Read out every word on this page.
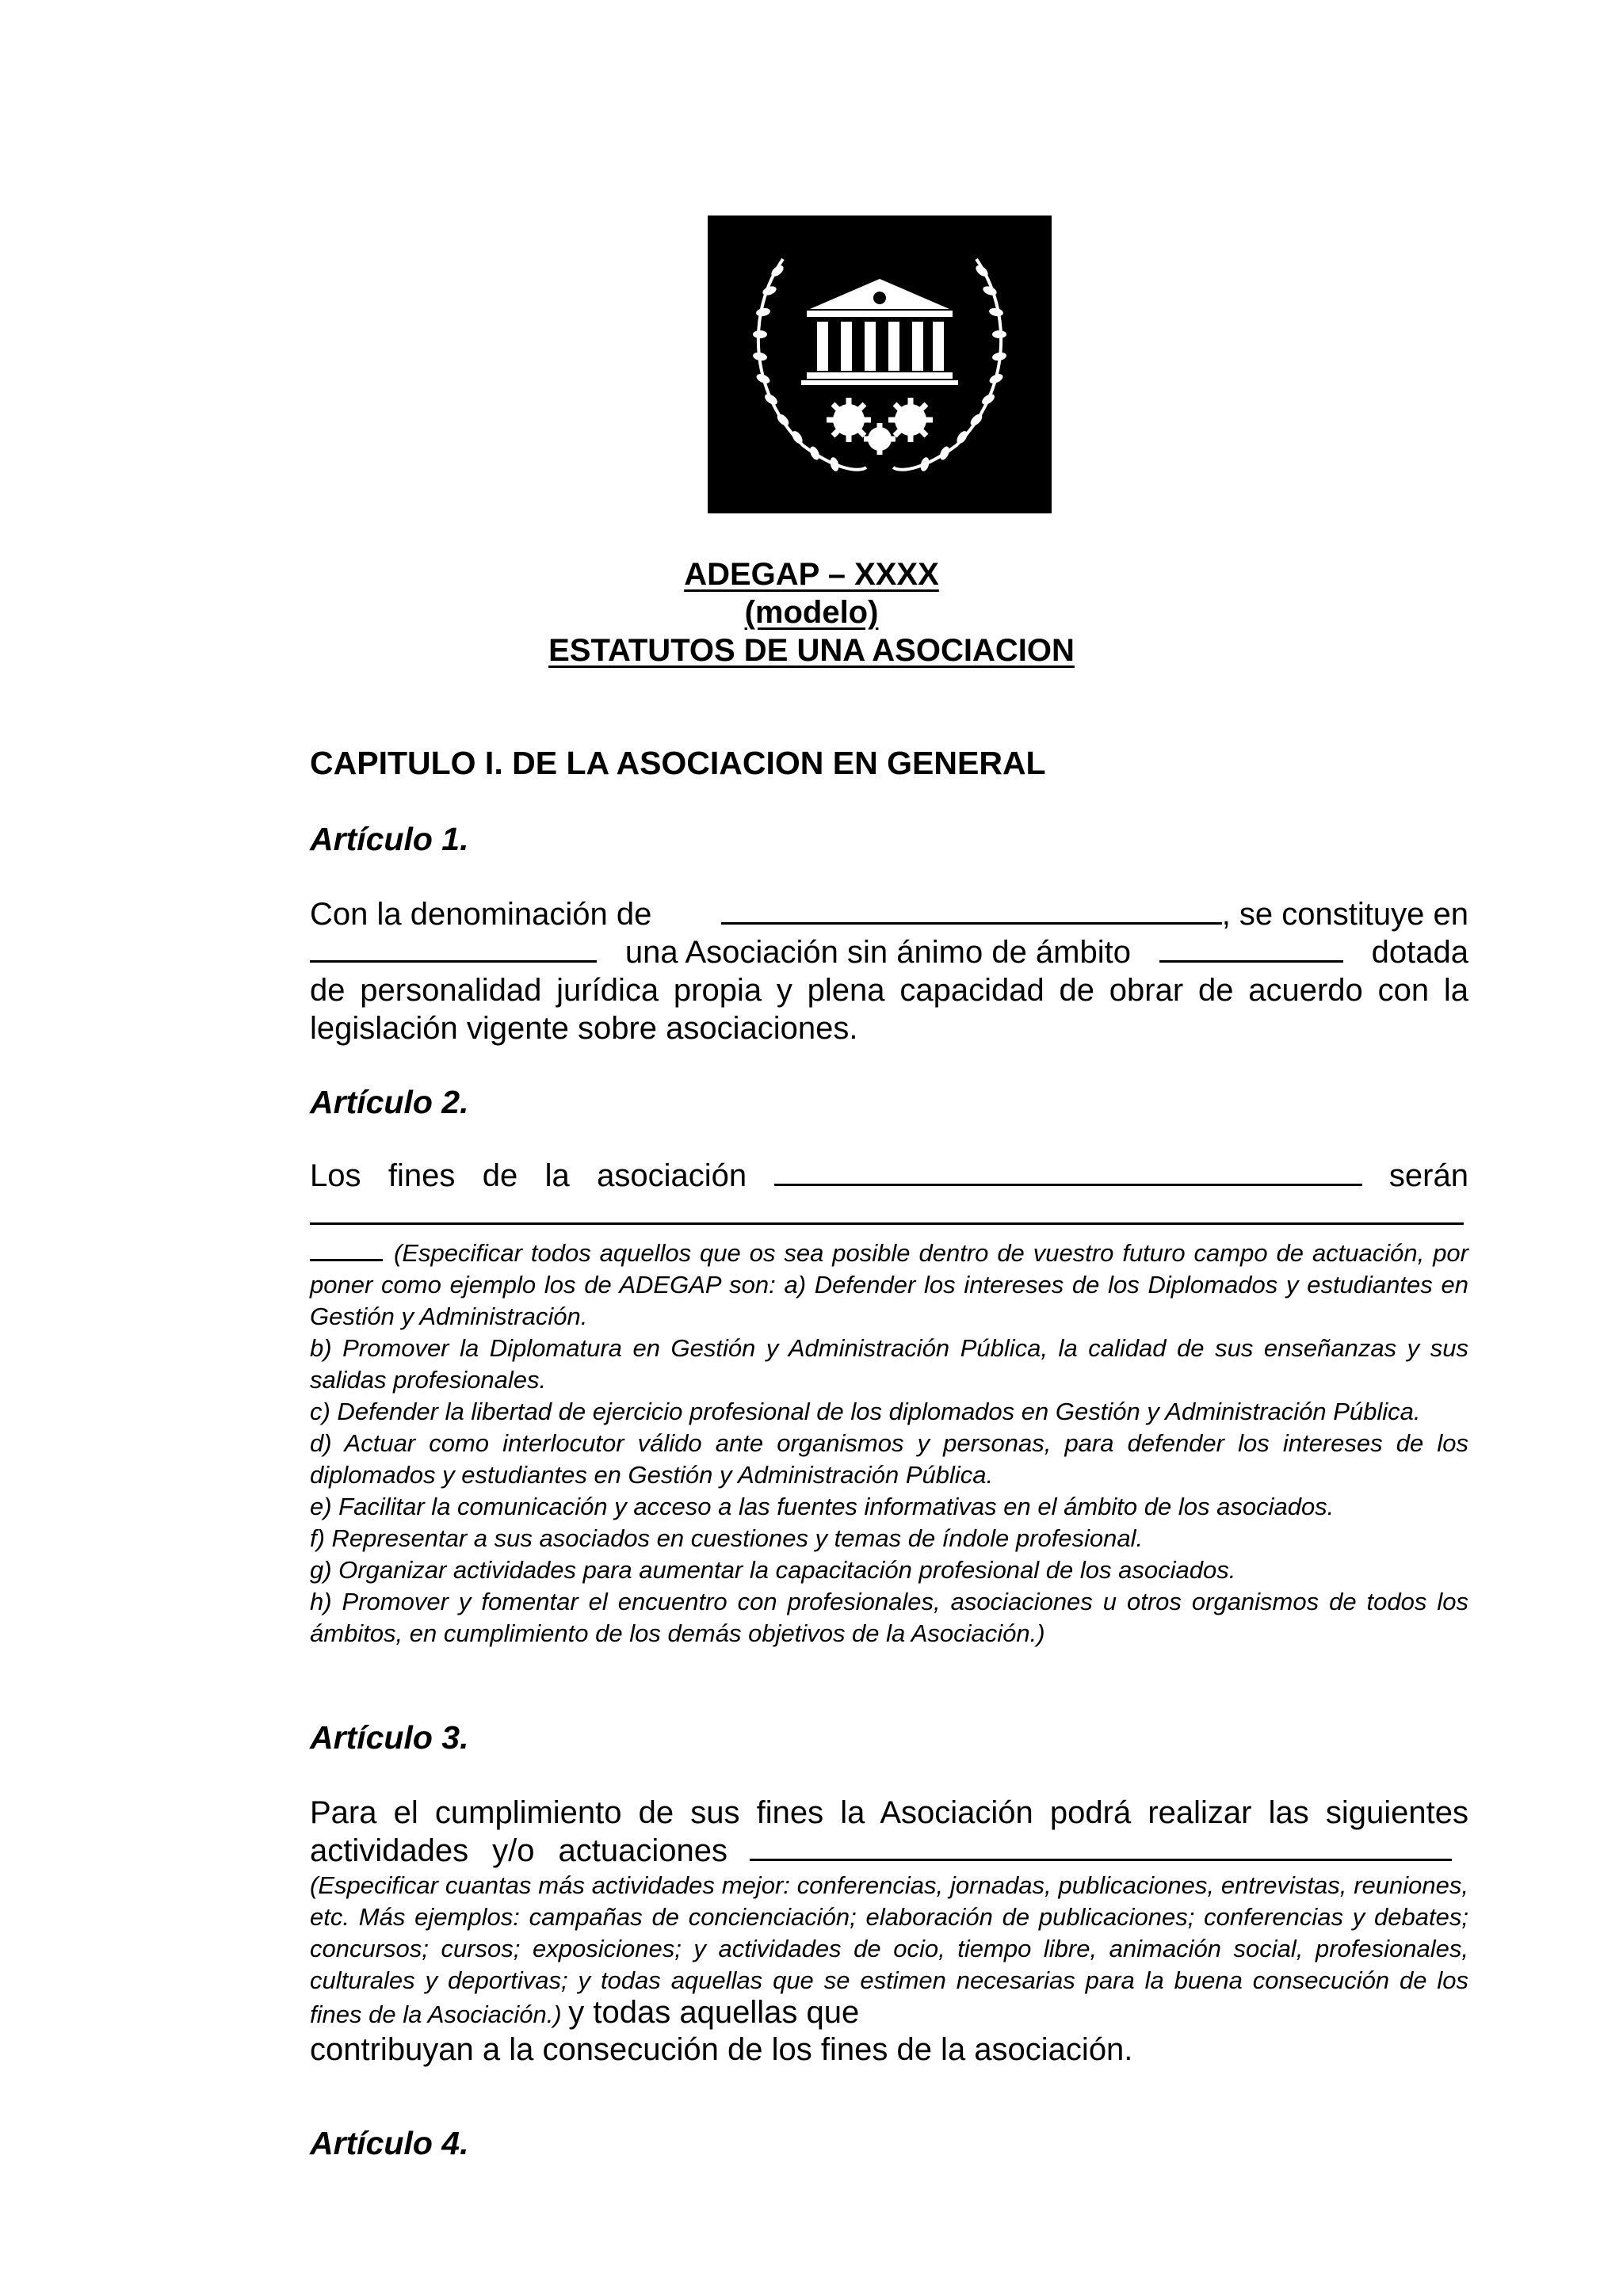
ADEGAP – XXXX
(modelo)
ESTATUTOS DE UNA ASOCIACION
CAPITULO I. DE LA ASOCIACION EN GENERAL
Artículo 1.
Con la denominación de	, se constituye en
una Asociación sin ánimo de ámbito	dotada
de personalidad jurídica propia y plena capacidad de obrar de acuerdo con la
legislación vigente sobre asociaciones.
Artículo 2.
Los fines de la asociación	serán
(Especificar todos aquellos que os sea posible dentro de vuestro futuro campo de actuación, por poner como ejemplo los de ADEGAP son: a) Defender los intereses de los Diplomados y estudiantes en Gestión y Administración.
b) Promover la Diplomatura en Gestión y Administración Pública, la calidad de sus enseñanzas y sus salidas profesionales.
c) Defender la libertad de ejercicio profesional de los diplomados en Gestión y Administración Pública.
d) Actuar como interlocutor válido ante organismos y personas, para defender los intereses de los diplomados y estudiantes en Gestión y Administración Pública.
e) Facilitar la comunicación y acceso a las fuentes informativas en el ámbito de los asociados.
f) Representar a sus asociados en cuestiones y temas de índole profesional.
g) Organizar actividades para aumentar la capacitación profesional de los asociados.
h) Promover y fomentar el encuentro con profesionales, asociaciones u otros organismos de todos los ámbitos, en cumplimiento de los demás objetivos de la Asociación.)
Artículo 3.
Para el cumplimiento de sus fines la Asociación podrá realizar las siguientes
actividades y/o actuaciones
(Especificar cuantas más actividades mejor: conferencias, jornadas, publicaciones, entrevistas, reuniones, etc. Más ejemplos: campañas de concienciación; elaboración de publicaciones; conferencias y debates; concursos; cursos; exposiciones; y actividades de ocio, tiempo libre, animación social, profesionales, culturales y deportivas; y todas aquellas que se estimen necesarias para la buena consecución de los fines de la Asociación.) y todas aquellas que
contribuyan a la consecución de los fines de la asociación.
Artículo 4.
